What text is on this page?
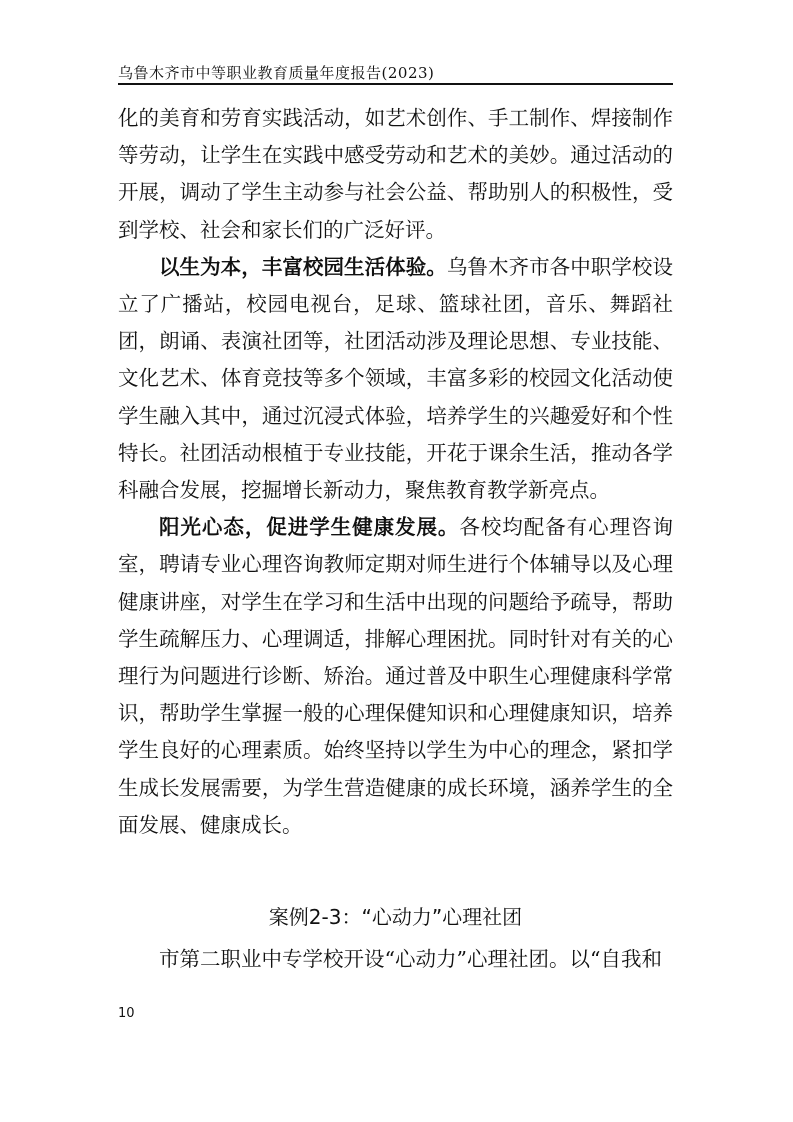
乌鲁木齐市中等职业教育质量年度报告(2023)

化的美育和劳育实践活动，如艺术创作、手工制作、焊接制作等劳动，让学生在实践中感受劳动和艺术的美妙。通过活动的开展，调动了学生主动参与社会公益、帮助别人的积极性，受到学校、社会和家长们的广泛好评。

以生为本，丰富校园生活体验。乌鲁木齐市各中职学校设立了广播站，校园电视台，足球、篮球社团，音乐、舞蹈社团，朗诵、表演社团等，社团活动涉及理论思想、专业技能、文化艺术、体育竞技等多个领域，丰富多彩的校园文化活动使学生融入其中，通过沉浸式体验，培养学生的兴趣爱好和个性特长。社团活动根植于专业技能，开花于课余生活，推动各学科融合发展，挖掘增长新动力，聚焦教育教学新亮点。

阳光心态，促进学生健康发展。各校均配备有心理咨询室，聘请专业心理咨询教师定期对师生进行个体辅导以及心理健康讲座，对学生在学习和生活中出现的问题给予疏导，帮助学生疏解压力、心理调适，排解心理困扰。同时针对有关的心理行为问题进行诊断、矫治。通过普及中职生心理健康科学常识，帮助学生掌握一般的心理保健知识和心理健康知识，培养学生良好的心理素质。始终坚持以学生为中心的理念，紧扣学生成长发展需要，为学生营造健康的成长环境，涵养学生的全面发展、健康成长。

案例2-3：“心动力”心理社团

市第二职业中专学校开设“心动力”心理社团。以“自我和

10
